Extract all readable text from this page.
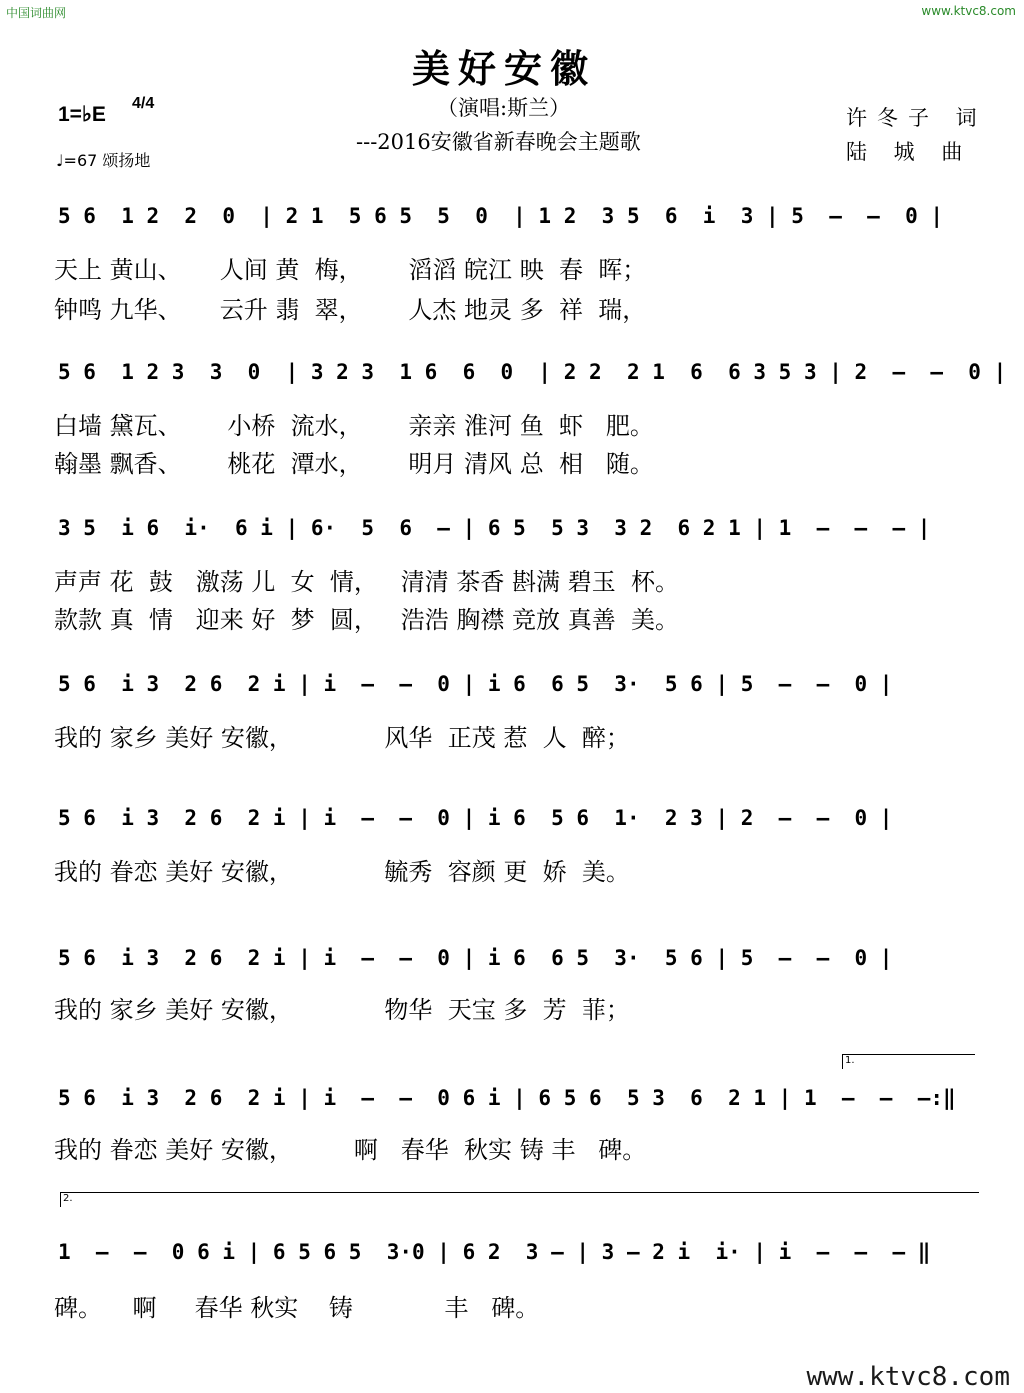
中国词曲网	www.ktvc8.com
美好安徽
（演唱:斯兰）
---2016安徽省新春晚会主题歌
1=♭E 4/4
♩=67 颂扬地
许冬子 词
陆 城 曲
5 6  1 2  2  0  | 2 1  5 6 5  5  0  | 1 2  3 5  6  i  3 | 5  –  –  0 |
天上 黄山、     人间 黄  梅，      滔滔 皖江 映  春  晖；
钟鸣 九华、     云升 翡  翠，      人杰 地灵 多  祥  瑞，
5 6  1 2 3  3  0  | 3 2 3  1 6  6  0  | 2 2  2 1  6  6 3 5 3 | 2  –  –  0 |
白墙 黛瓦、      小桥  流水，      亲亲 淮河 鱼  虾   肥。
翰墨 飘香、      桃花  潭水，      明月 清风 总  相   随。
3 5  i 6  i·  6 i | 6·  5  6  – | 6 5  5 3  3 2  6 2 1 | 1  –  –  – |
声声 花  鼓   激荡 儿  女  情，   清清 茶香 斟满 碧玉  杯。
款款 真  情   迎来 好  梦  圆，   浩浩 胸襟 竞放 真善  美。
5 6  i 3  2 6  2 i | i  –  –  0 | i 6  6 5  3·  5 6 | 5  –  –  0 |
我的 家乡 美好 安徽，            风华  正茂 惹  人  醉；
5 6  i 3  2 6  2 i | i  –  –  0 | i 6  5 6  1·  2 3 | 2  –  –  0 |
我的 眷恋 美好 安徽，            毓秀  容颜 更  娇  美。
5 6  i 3  2 6  2 i | i  –  –  0 | i 6  6 5  3·  5 6 | 5  –  –  0 |
我的 家乡 美好 安徽，            物华  天宝 多  芳  菲；
1.
5 6  i 3  2 6  2 i | i  –  –  0 6 i | 6 5 6  5 3  6  2 1 | 1  –  –  –:‖
我的 眷恋 美好 安徽，        啊   春华  秋实 铸 丰   碑。
2.
1  –  –  0 6 i | 6 5 6 5  3·0 | 6 2  3 – | 3 – 2 i  i· | i  –  –  – ‖
碑。    啊     春华 秋实    铸            丰   碑。
www.ktvc8.com
